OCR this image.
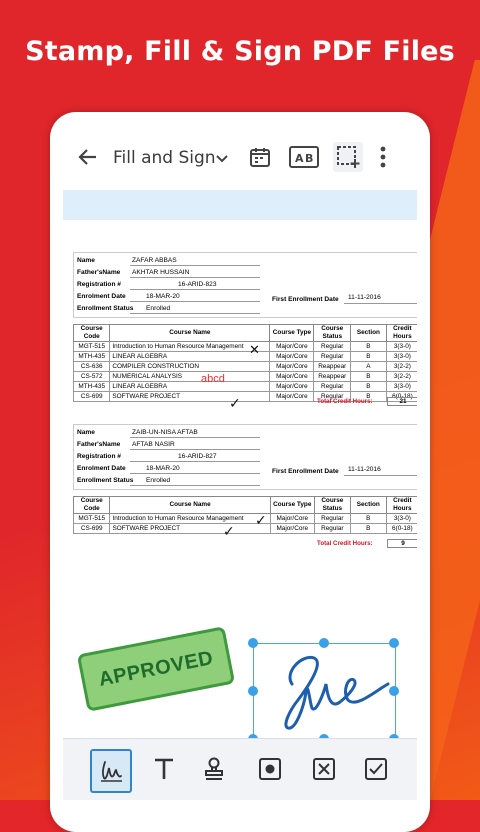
Stamp, Fill & Sign PDF Files
Fill and Sign	A B
Name	ZAFAR ABBAS
Father'sName AKHTAR HUSSAIN
Registration #	16-ARID-823
Enrolment Date	18-MAR-20
Enrollment Status Enrolled
First Enrollment Date 11-11-2016
Course Code	Course Name	Course Type	Course Status	Section	Credit Hours
MGT-515	Introduction to Human Resource Management	Major/Core	Regular	B	3(3-0)
MTH-435	LINEAR ALGEBRA	Major/Core	Regular	B	3(3-0)
CS-636	COMPILER CONSTRUCTION	Major/Core	Reappear	A	3(2-2)
CS-572	NUMERICAL ANALYSIS	Major/Core	Reappear	B	3(2-2)
MTH-435	LINEAR ALGEBRA	Major/Core	Regular	B	3(3-0)
CS-699	SOFTWARE PROJECT	Major/Core	Regular	B	6(0-18)
Total Credit Hours:	21
Name	ZAIB-UN-NISA AFTAB
Father'sName AFTAB NASIR
Registration #	16-ARID-827
Enrolment Date	18-MAR-20
Enrollment Status Enrolled
First Enrollment Date 11-11-2016
Course Code	Course Name	Course Type	Course Status	Section	Credit Hours
MGT-515	Introduction to Human Resource Management	Major/Core	Regular	B	3(3-0)
CS-699	SOFTWARE PROJECT	Major/Core	Regular	B	6(0-18)
Total Credit Hours:	9
✕
abcd
✓
✓
✓
APPROVED
